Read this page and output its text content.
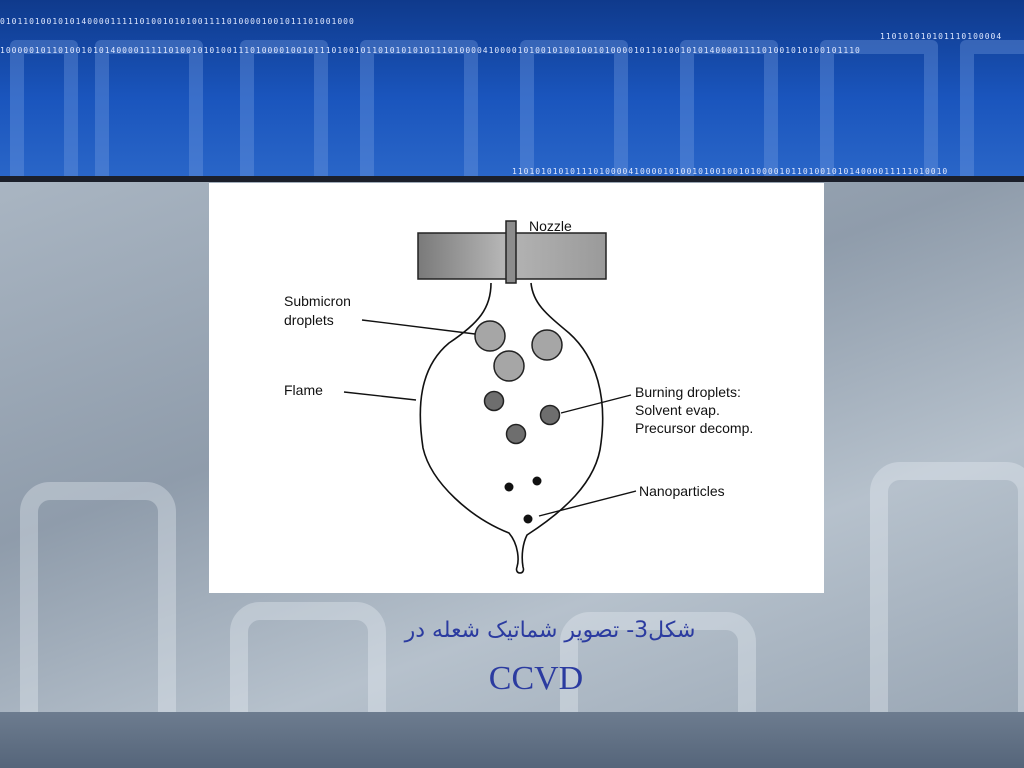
0101101001010140000111110100101010011110100001001011101001000
110101010101110100004
1000001011010010101400001111101001010100111010000100101110100101101010101011101000041000010100101001001010000101101001010140000111101001010100101110
110101010101110100004100001010010100100101000010110100101014000011111010010
Nozzle
Submicron
droplets
Flame	Burning droplets:
Solvent evap.
Precursor decomp.
Nanoparticles
شکل3- تصویر شماتیک شعله در
CCVD
